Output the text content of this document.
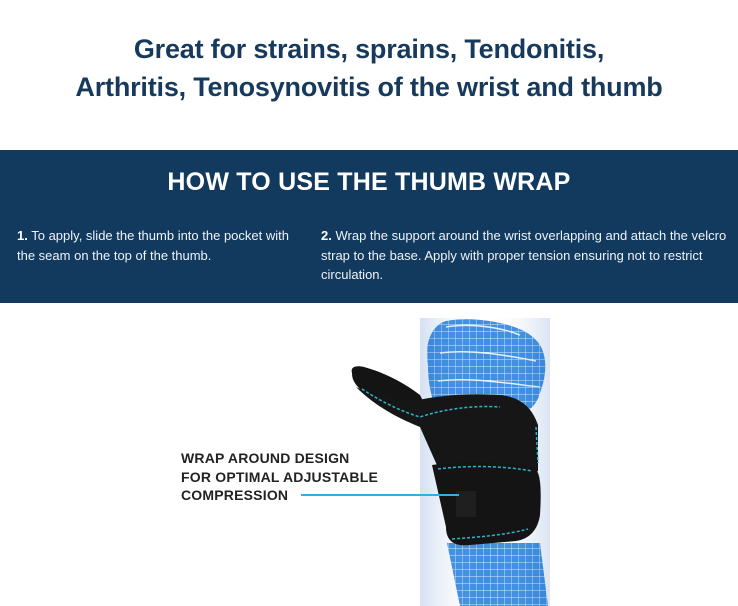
Great for strains, sprains, Tendonitis,
Arthritis, Tenosynovitis of the wrist and thumb
HOW TO USE THE THUMB WRAP
1. To apply, slide the thumb into the pocket with the seam on the top of the thumb.
2. Wrap the support around the wrist overlapping and attach the velcro strap to the base. Apply with proper tension ensuring not to restrict circulation.
WRAP AROUND DESIGN
FOR OPTIMAL ADJUSTABLE
COMPRESSION
